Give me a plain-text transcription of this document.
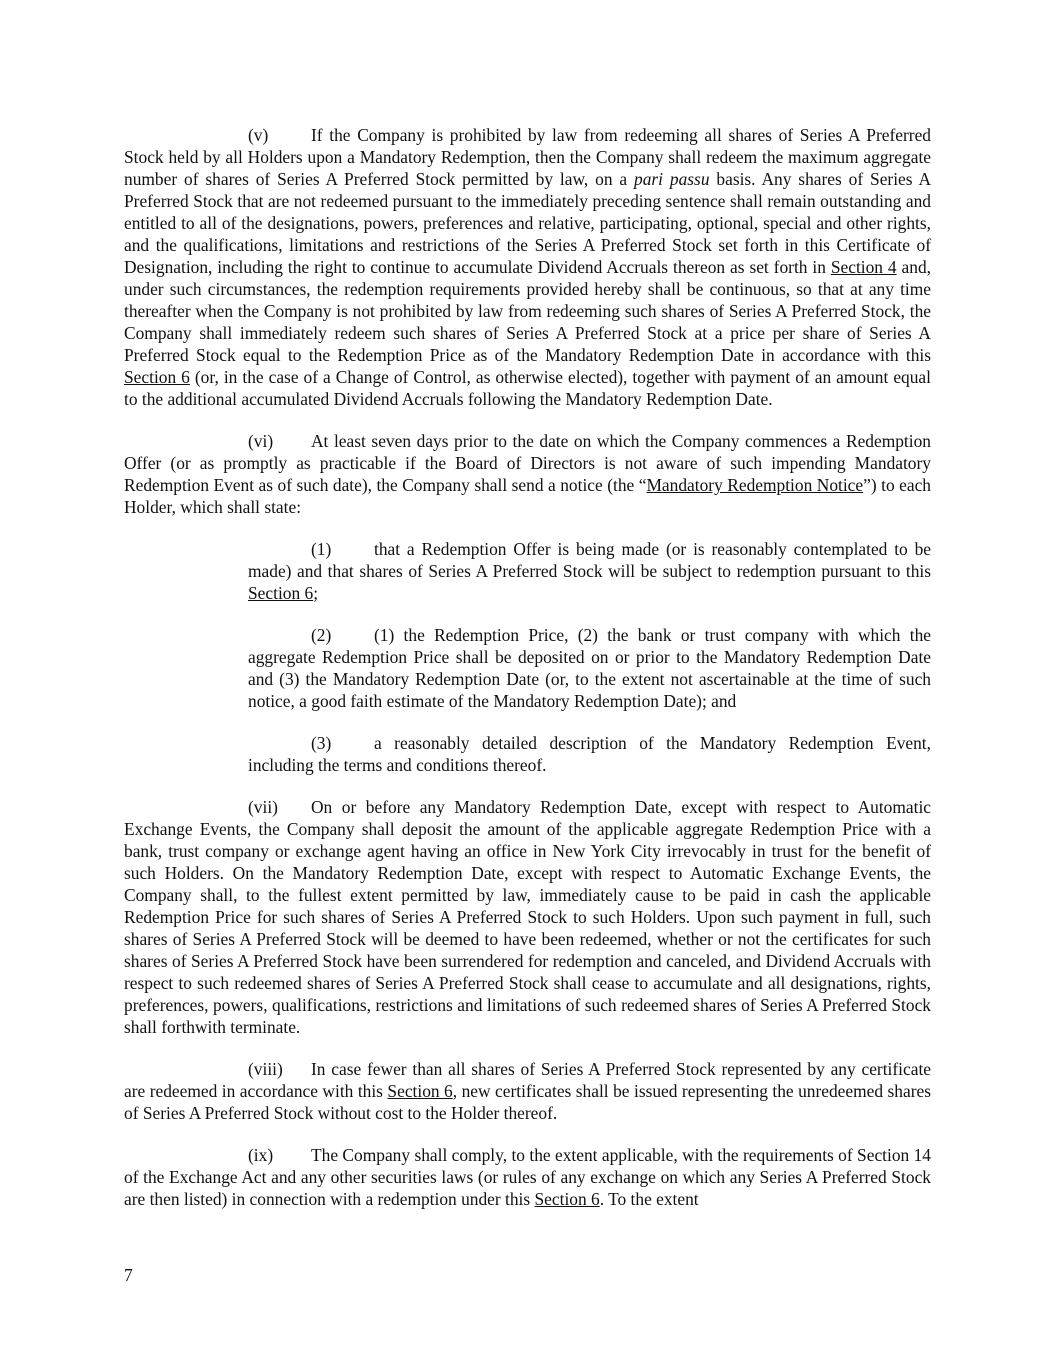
(v) If the Company is prohibited by law from redeeming all shares of Series A Preferred Stock held by all Holders upon a Mandatory Redemption, then the Company shall redeem the maximum aggregate number of shares of Series A Preferred Stock permitted by law, on a pari passu basis. Any shares of Series A Preferred Stock that are not redeemed pursuant to the immediately preceding sentence shall remain outstanding and entitled to all of the designations, powers, preferences and relative, participating, optional, special and other rights, and the qualifications, limitations and restrictions of the Series A Preferred Stock set forth in this Certificate of Designation, including the right to continue to accumulate Dividend Accruals thereon as set forth in Section 4 and, under such circumstances, the redemption requirements provided hereby shall be continuous, so that at any time thereafter when the Company is not prohibited by law from redeeming such shares of Series A Preferred Stock, the Company shall immediately redeem such shares of Series A Preferred Stock at a price per share of Series A Preferred Stock equal to the Redemption Price as of the Mandatory Redemption Date in accordance with this Section 6 (or, in the case of a Change of Control, as otherwise elected), together with payment of an amount equal to the additional accumulated Dividend Accruals following the Mandatory Redemption Date.

(vi) At least seven days prior to the date on which the Company commences a Redemption Offer (or as promptly as practicable if the Board of Directors is not aware of such impending Mandatory Redemption Event as of such date), the Company shall send a notice (the “Mandatory Redemption Notice”) to each Holder, which shall state:

(1) that a Redemption Offer is being made (or is reasonably contemplated to be made) and that shares of Series A Preferred Stock will be subject to redemption pursuant to this Section 6;

(2) (1) the Redemption Price, (2) the bank or trust company with which the aggregate Redemption Price shall be deposited on or prior to the Mandatory Redemption Date and (3) the Mandatory Redemption Date (or, to the extent not ascertainable at the time of such notice, a good faith estimate of the Mandatory Redemption Date); and

(3) a reasonably detailed description of the Mandatory Redemption Event, including the terms and conditions thereof.

(vii) On or before any Mandatory Redemption Date, except with respect to Automatic Exchange Events, the Company shall deposit the amount of the applicable aggregate Redemption Price with a bank, trust company or exchange agent having an office in New York City irrevocably in trust for the benefit of such Holders. On the Mandatory Redemption Date, except with respect to Automatic Exchange Events, the Company shall, to the fullest extent permitted by law, immediately cause to be paid in cash the applicable Redemption Price for such shares of Series A Preferred Stock to such Holders. Upon such payment in full, such shares of Series A Preferred Stock will be deemed to have been redeemed, whether or not the certificates for such shares of Series A Preferred Stock have been surrendered for redemption and canceled, and Dividend Accruals with respect to such redeemed shares of Series A Preferred Stock shall cease to accumulate and all designations, rights, preferences, powers, qualifications, restrictions and limitations of such redeemed shares of Series A Preferred Stock shall forthwith terminate.

(viii) In case fewer than all shares of Series A Preferred Stock represented by any certificate are redeemed in accordance with this Section 6, new certificates shall be issued representing the unredeemed shares of Series A Preferred Stock without cost to the Holder thereof.

(ix) The Company shall comply, to the extent applicable, with the requirements of Section 14 of the Exchange Act and any other securities laws (or rules of any exchange on which any Series A Preferred Stock are then listed) in connection with a redemption under this Section 6. To the extent

7
